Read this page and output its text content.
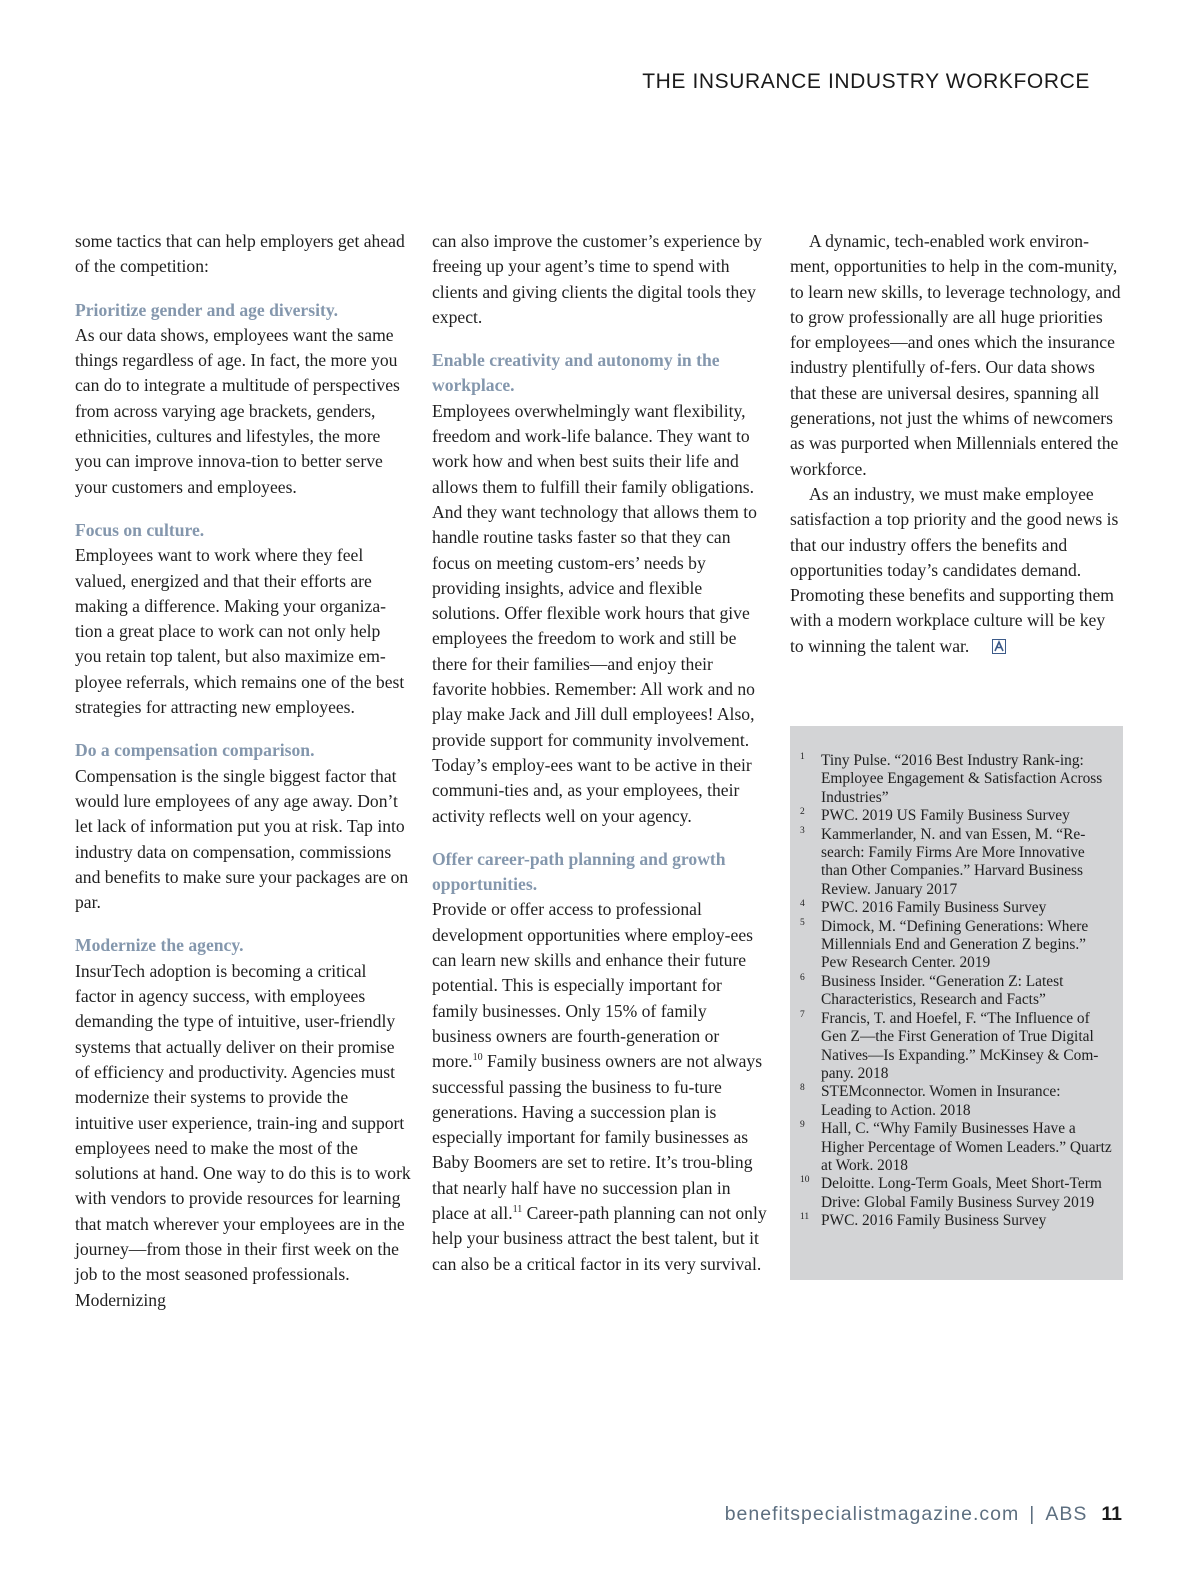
THE INSURANCE INDUSTRY WORKFORCE

some tactics that can help employers get ahead of the competition:

Prioritize gender and age diversity.

As our data shows, employees want the same things regardless of age. In fact, the more you can do to integrate a multitude of perspectives from across varying age brackets, genders, ethnicities, cultures and lifestyles, the more you can improve innova-tion to better serve your customers and employees.

Focus on culture.

Employees want to work where they feel valued, energized and that their efforts are making a difference. Making your organiza-tion a great place to work can not only help you retain top talent, but also maximize em-ployee referrals, which remains one of the best strategies for attracting new employees.

Do a compensation comparison.

Compensation is the single biggest factor that would lure employees of any age away. Don’t let lack of information put you at risk. Tap into industry data on compensation, commissions and benefits to make sure your packages are on par.

Modernize the agency.

InsurTech adoption is becoming a critical factor in agency success, with employees demanding the type of intuitive, user-friendly systems that actually deliver on their promise of efficiency and productivity. Agencies must modernize their systems to provide the intuitive user experience, train-ing and support employees need to make the most of the solutions at hand. One way to do this is to work with vendors to provide resources for learning that match wherever your employees are in the journey—from those in their first week on the job to the most seasoned professionals. Modernizing

can also improve the customer’s experience by freeing up your agent’s time to spend with clients and giving clients the digital tools they expect.

Enable creativity and autonomy in the workplace.

Employees overwhelmingly want flexibility, freedom and work-life balance. They want to work how and when best suits their life and allows them to fulfill their family obligations. And they want technology that allows them to handle routine tasks faster so that they can focus on meeting custom-ers’ needs by providing insights, advice and flexible solutions. Offer flexible work hours that give employees the freedom to work and still be there for their families—and enjoy their favorite hobbies. Remember: All work and no play make Jack and Jill dull employees! Also, provide support for community involvement. Today’s employ-ees want to be active in their communi-ties and, as your employees, their activity reflects well on your agency.

Offer career-path planning and growth opportunities.

Provide or offer access to professional development opportunities where employ-ees can learn new skills and enhance their future potential. This is especially important for family businesses. Only 15% of family business owners are fourth-generation or more.$^{10}$ Family business owners are not always successful passing the business to fu-ture generations. Having a succession plan is especially important for family businesses as Baby Boomers are set to retire. It’s trou-bling that nearly half have no succession plan in place at all.$^{11}$ Career-path planning can not only help your business attract the best talent, but it can also be a critical factor in its very survival.

A dynamic, tech-enabled work environ-ment, opportunities to help in the com-munity, to learn new skills, to leverage technology, and to grow professionally are all huge priorities for employees—and ones which the insurance industry plentifully of-fers. Our data shows that these are universal desires, spanning all generations, not just the whims of newcomers as was purported when Millennials entered the workforce.

As an industry, we must make employee satisfaction a top priority and the good news is that our industry offers the benefits and opportunities today’s candidates demand. Promoting these benefits and supporting them with a modern workplace culture will be key to winning the talent war.

1 Tiny Pulse. “2016 Best Industry Rank-ing: Employee Engagement & Satisfaction Across Industries”
2 PWC. 2019 US Family Business Survey
3 Kammerlander, N. and van Essen, M. “Re-search: Family Firms Are More Innovative than Other Companies.” Harvard Business Review. January 2017
4 PWC. 2016 Family Business Survey
5 Dimock, M. “Defining Generations: Where Millennials End and Generation Z begins.” Pew Research Center. 2019
6 Business Insider. “Generation Z: Latest Characteristics, Research and Facts”
7 Francis, T. and Hoefel, F. “The Influence of Gen Z—the First Generation of True Digital Natives—Is Expanding.” McKinsey & Com-pany. 2018
8 STEMconnector. Women in Insurance: Leading to Action. 2018
9 Hall, C. “Why Family Businesses Have a Higher Percentage of Women Leaders.” Quartz at Work. 2018
10 Deloitte. Long-Term Goals, Meet Short-Term Drive: Global Family Business Survey 2019
11 PWC. 2016 Family Business Survey
benefitspecialistmagazine.com | ABS 11
